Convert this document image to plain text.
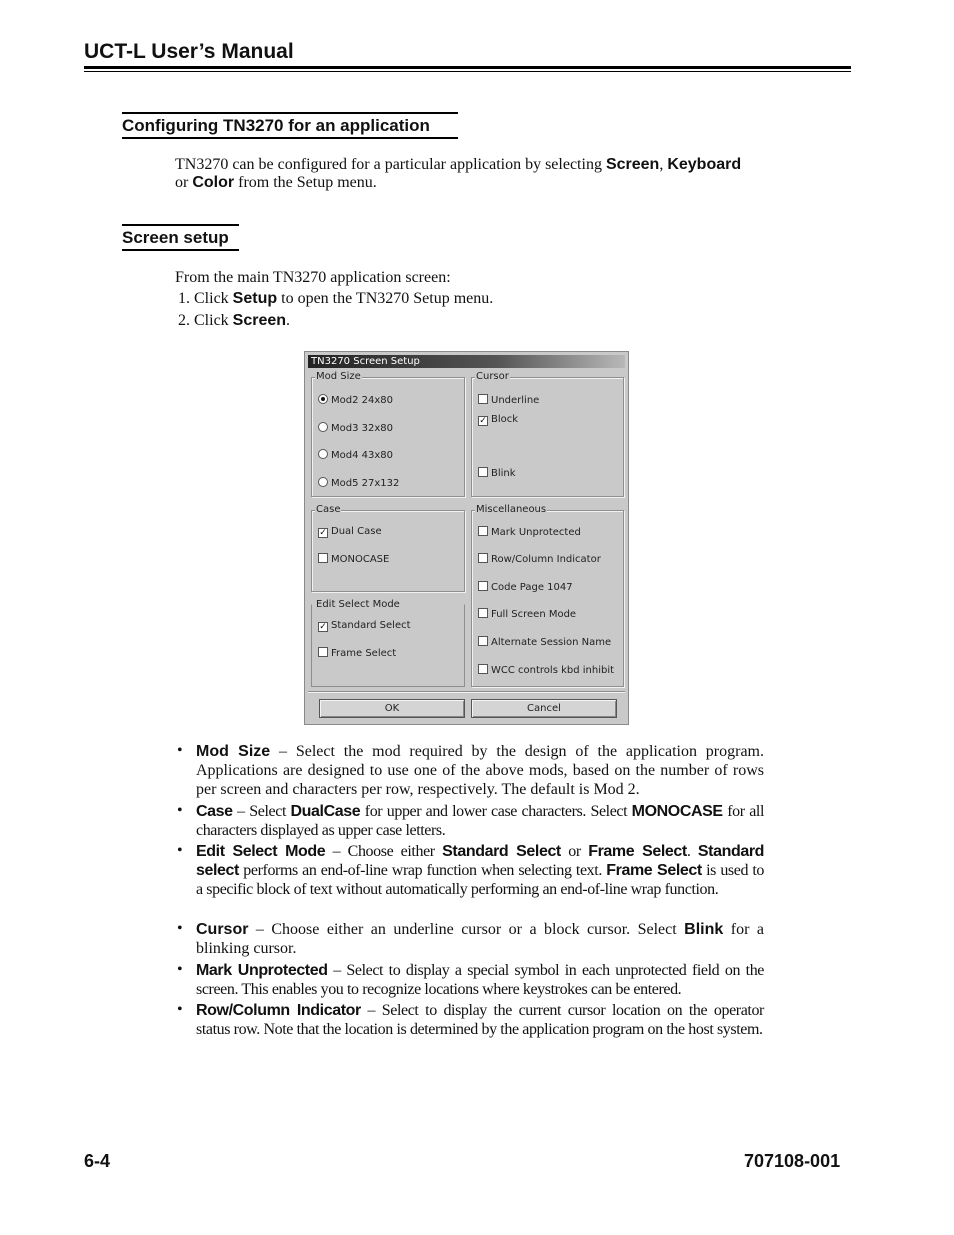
UCT-L User’s Manual
Configuring TN3270 for an application
TN3270 can be configured for a particular application by selecting Screen, Keyboard
or Color from the Setup menu.
Screen setup
From the main TN3270 application screen:
1. Click Setup to open the TN3270 Setup menu.
2. Click Screen.
TN3270 Screen Setup
Mod Size
Mod2 24x80
Mod3 32x80
Mod4 43x80
Mod5 27x132
Cursor
Underline
✓ Block
Blink
Case
✓ Dual Case
MONOCASE
Miscellaneous
Mark Unprotected
Row/Column Indicator
Code Page 1047
Full Screen Mode
Alternate Session Name
WCC controls kbd inhibit
Edit Select Mode
✓ Standard Select
Frame Select
OK	Cancel
• Mod Size – Select the mod required by the design of the application program. Applications are designed to use one of the above mods, based on the number of rows per screen and characters per row, respectively. The default is Mod 2.
• Case – Select DualCase for upper and lower case characters. Select MONOCASE for all characters displayed as upper case letters.
• Edit Select Mode – Choose either Standard Select or Frame Select. Standard select performs an end-of-line wrap function when selecting text. Frame Select is used to a specific block of text without automatically performing an end-of-line wrap function.
• Cursor – Choose either an underline cursor or a block cursor. Select Blink for a blinking cursor.
• Mark Unprotected – Select to display a special symbol in each unprotected field on the screen. This enables you to recognize locations where keystrokes can be entered.
• Row/Column Indicator – Select to display the current cursor location on the operator status row. Note that the location is determined by the application program on the host system.
6-4	707108-001
